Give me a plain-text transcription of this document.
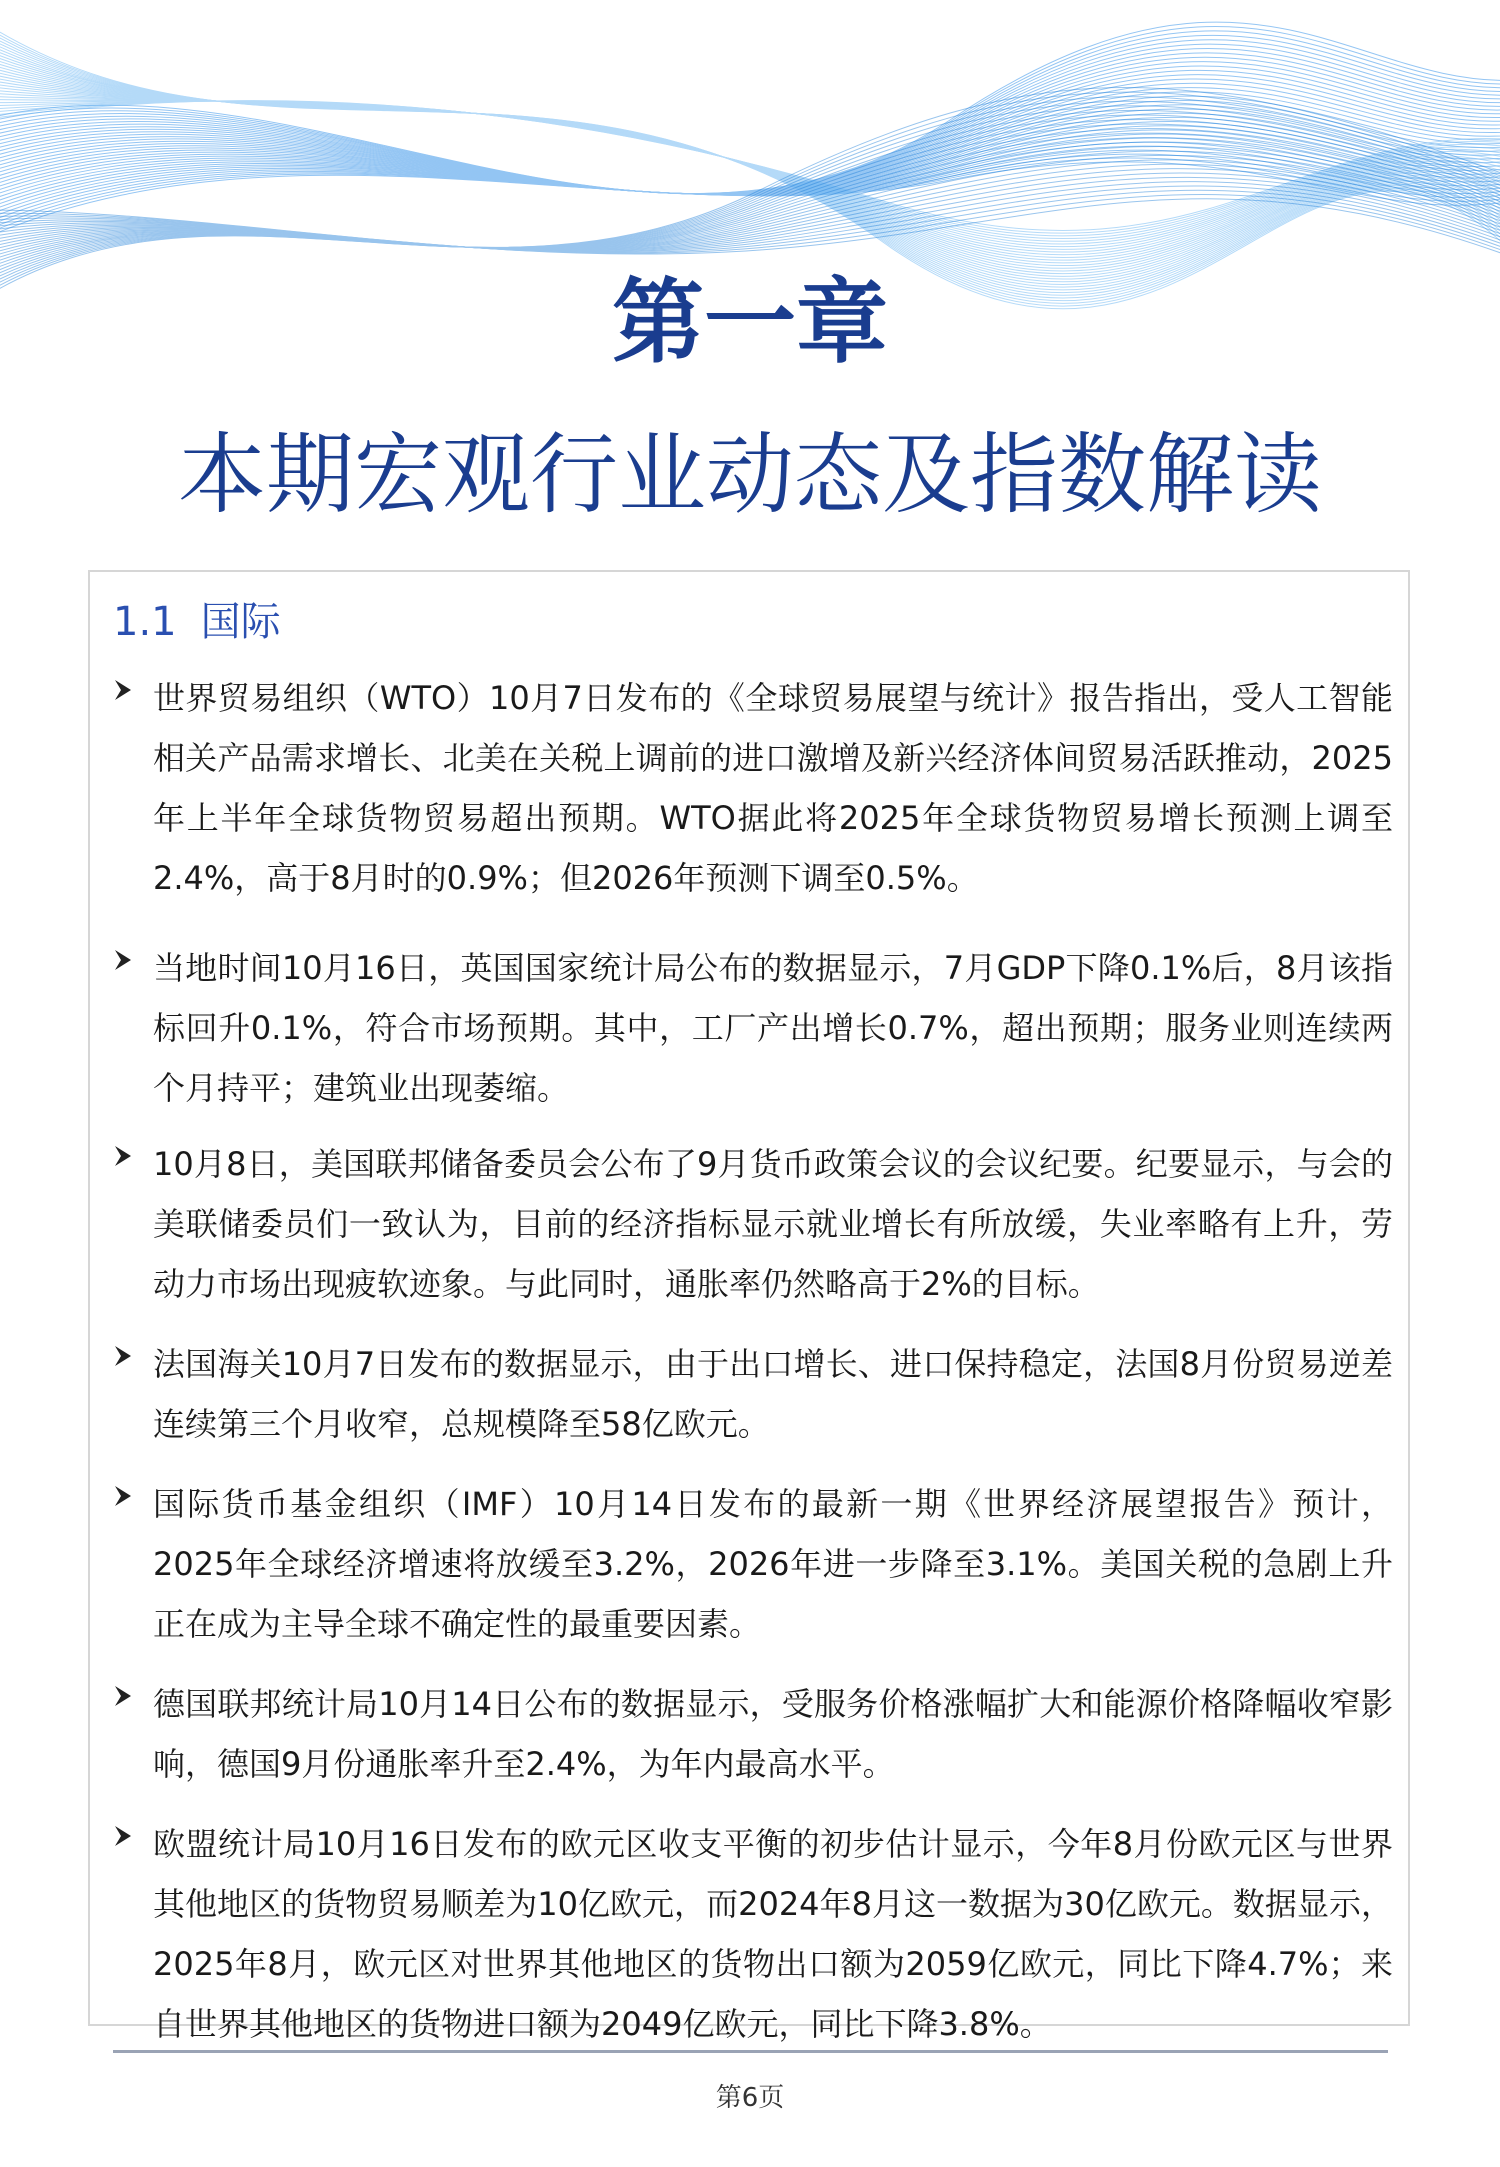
第一章
本期宏观行业动态及指数解读
1.1 国际
世界贸易组织（WTO）10月7日发布的《全球贸易展望与统计》报告指出，受人工智能相关产品需求增长、北美在关税上调前的进口激增及新兴经济体间贸易活跃推动，2025年上半年全球货物贸易超出预期。WTO据此将2025年全球货物贸易增长预测上调至2.4%，高于8月时的0.9%；但2026年预测下调至0.5%。
当地时间10月16日，英国国家统计局公布的数据显示，7月GDP下降0.1%后，8月该指标回升0.1%，符合市场预期。其中，工厂产出增长0.7%，超出预期；服务业则连续两个月持平；建筑业出现萎缩。
10月8日，美国联邦储备委员会公布了9月货币政策会议的会议纪要。纪要显示，与会的美联储委员们一致认为，目前的经济指标显示就业增长有所放缓，失业率略有上升，劳动力市场出现疲软迹象。与此同时，通胀率仍然略高于2%的目标。
法国海关10月7日发布的数据显示，由于出口增长、进口保持稳定，法国8月份贸易逆差连续第三个月收窄，总规模降至58亿欧元。
国际货币基金组织（IMF）10月14日发布的最新一期《世界经济展望报告》预计，2025年全球经济增速将放缓至3.2%，2026年进一步降至3.1%。美国关税的急剧上升正在成为主导全球不确定性的最重要因素。
德国联邦统计局10月14日公布的数据显示，受服务价格涨幅扩大和能源价格降幅收窄影响，德国9月份通胀率升至2.4%，为年内最高水平。
欧盟统计局10月16日发布的欧元区收支平衡的初步估计显示，今年8月份欧元区与世界其他地区的货物贸易顺差为10亿欧元，而2024年8月这一数据为30亿欧元。数据显示，2025年8月，欧元区对世界其他地区的货物出口额为2059亿欧元，同比下降4.7%；来自世界其他地区的货物进口额为2049亿欧元，同比下降3.8%。
第6页
